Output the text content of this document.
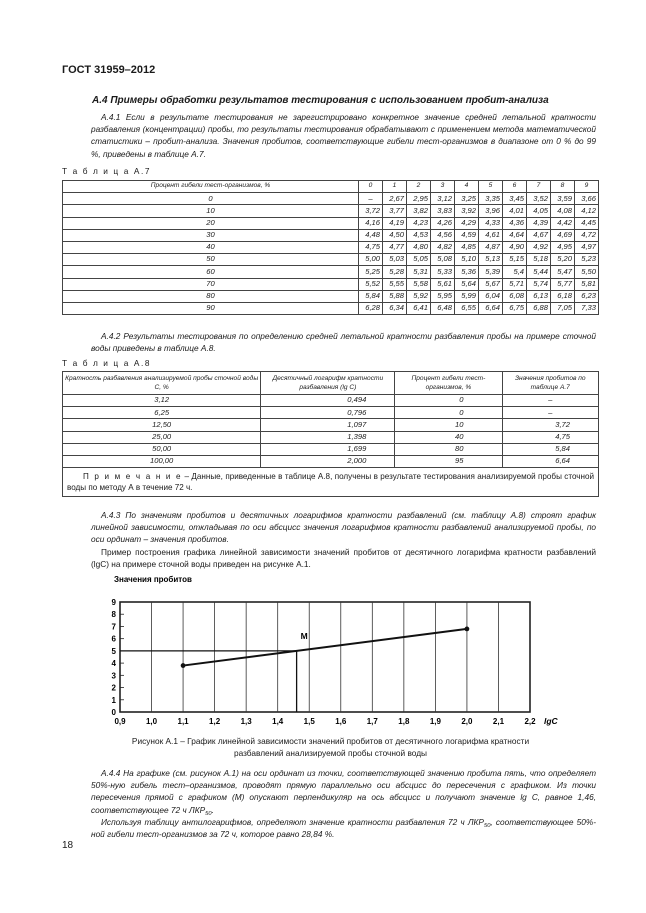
ГОСТ 31959–2012
А.4 Примеры обработки результатов тестирования с использованием пробит-анализа

А.4.1 Если в результате тестирования не зарегистрировано конкретное значение средней летальной кратности разбавления (концентрации) пробы, то результаты тестирования обрабатывают с применением метода математической статистики – пробит-анализа. Значения пробитов, соответствующие гибели тест-организмов в диапазоне от 0 % до 99 %, приведены в таблице А.7.

Т а б л и ц а А.7
Процент гибели тест-организмов, %	0	1	2	3	4	5	6	7	8	9
0	–	2,67	2,95	3,12	3,25	3,35	3,45	3,52	3,59	3,66
10	3,72	3,77	3,82	3,83	3,92	3,96	4,01	4,05	4,08	4,12
20	4,16	4,19	4,23	4,26	4,29	4,33	4,36	4,39	4,42	4,45
30	4,48	4,50	4,53	4,56	4,59	4,61	4,64	4,67	4,69	4,72
40	4,75	4,77	4,80	4,82	4,85	4,87	4,90	4,92	4,95	4,97
50	5,00	5,03	5,05	5,08	5,10	5,13	5,15	5,18	5,20	5,23
60	5,25	5,28	5,31	5,33	5,36	5,39	5,4	5,44	5,47	5,50
70	5,52	5,55	5,58	5,61	5,64	5,67	5,71	5,74	5,77	5,81
80	5,84	5,88	5,92	5,95	5,99	6,04	6,08	6,13	6,18	6,23
90	6,28	6,34	6,41	6,48	6,55	6,64	6,75	6,88	7,05	7,33

А.4.2 Результаты тестирования по определению средней летальной кратности разбавления пробы на примере сточной воды приведены в таблице А.8.

Т а б л и ц а А.8
Кратность разбавления анализируемой пробы сточной воды С, %	Десятичный логарифм кратности разбавления (lg С)	Процент гибели тест-организмов, %	Значения пробитов по таблице А.7
3,12	0,494	0	–
6,25	0,796	0	–
12,50	1,097	10	3,72
25,00	1,398	40	4,75
50,00	1,699	80	5,84
100,00	2,000	95	6,64
П р и м е ч а н и е – Данные, приведенные в таблице А.8, получены в результате тестирования анализируемой пробы сточной воды по методу А в течение 72 ч.			

А.4.3 По значениям пробитов и десятичных логарифмов кратности разбавлений (см. таблицу А.8) строят график линейной зависимости, откладывая по оси абсцисс значения логарифмов кратности разбавлений анализируемой пробы, по оси ординат – значения пробитов.

Пример построения графика линейной зависимости значений пробитов от десятичного логарифма кратности разбавлений (lgС) на примере сточной воды приведен на рисунке А.1.

0,9	1,0	1,1	1,2	1,3	1,4	1,5	1,6	1,7	1,8	1,9	2,0	2,1	2,2
0
1
2
3
4
5
6
7
8
9
Значения пробитов
lgС
М
Рисунок А.1 – График линейной зависимости значений пробитов от десятичного логарифма кратности
разбавлений анализируемой пробы сточной воды

А.4.4 На графике (см. рисунок А.1) на оси ординат из точки, соответствующей значению пробита пять, что определяет 50%-ную гибель тест–организмов, проводят прямую параллельно оси абсцисс до пересечения с графиком. Из точки пересечения прямой с графиком (М) опускают перпендикуляр на ось абсцисс и получают значение lg С, равное 1,46, соответствующее 72 ч $ЛКР_{50}$.

Используя таблицу антилогарифмов, определяют значение кратности разбавления 72 ч $ЛКР_{50}$, соответствующее 50%-ной гибели тест-организмов за 72 ч, которое равно 28,84 %.

18
